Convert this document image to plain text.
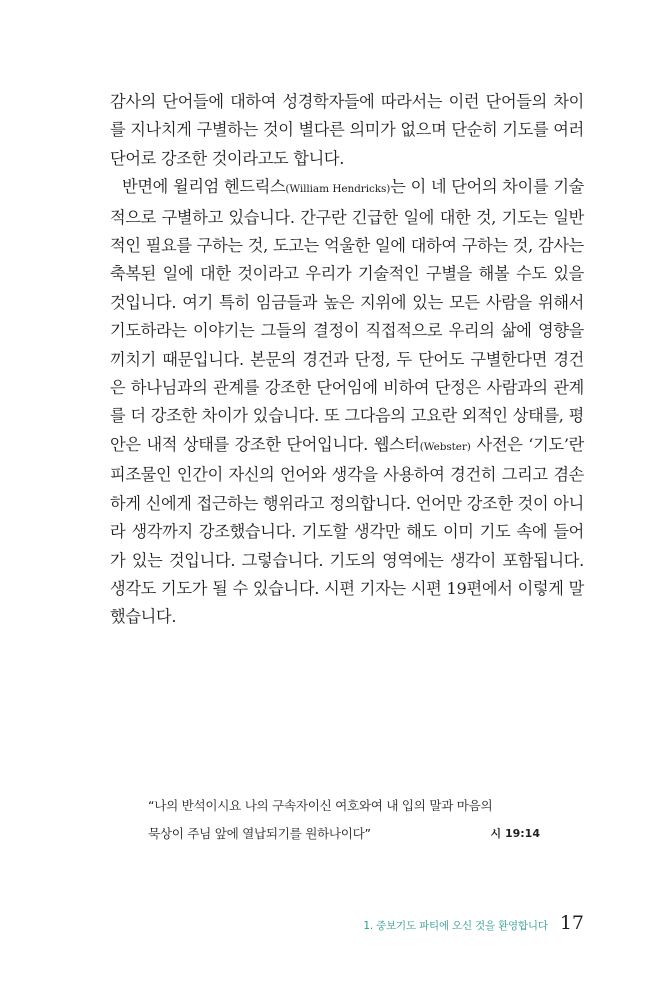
감사의 단어들에 대하여 성경학자들에 따라서는 이런 단어들의 차이를 지나치게 구별하는 것이 별다른 의미가 없으며 단순히 기도를 여러 단어로 강조한 것이라고도 합니다.

반면에 윌리엄 헨드릭스(William Hendricks)는 이 네 단어의 차이를 기술적으로 구별하고 있습니다. 간구란 긴급한 일에 대한 것, 기도는 일반적인 필요를 구하는 것, 도고는 억울한 일에 대하여 구하는 것, 감사는 축복된 일에 대한 것이라고 우리가 기술적인 구별을 해볼 수도 있을 것입니다. 여기 특히 임금들과 높은 지위에 있는 모든 사람을 위해서 기도하라는 이야기는 그들의 결정이 직접적으로 우리의 삶에 영향을 끼치기 때문입니다. 본문의 경건과 단정, 두 단어도 구별한다면 경건은 하나님과의 관계를 강조한 단어임에 비하여 단정은 사람과의 관계를 더 강조한 차이가 있습니다. 또 그다음의 고요란 외적인 상태를, 평안은 내적 상태를 강조한 단어입니다. 웹스터(Webster) 사전은 ‘기도’란 피조물인 인간이 자신의 언어와 생각을 사용하여 경건히 그리고 겸손하게 신에게 접근하는 행위라고 정의합니다. 언어만 강조한 것이 아니라 생각까지 강조했습니다. 기도할 생각만 해도 이미 기도 속에 들어가 있는 것입니다. 그렇습니다. 기도의 영역에는 생각이 포함됩니다. 생각도 기도가 될 수 있습니다. 시편 기자는 시편 19편에서 이렇게 말했습니다.

“나의 반석이시요 나의 구속자이신 여호와여 내 입의 말과 마음의
묵상이 주님 앞에 열납되기를 원하나이다”	시 19:14
1. 중보기도 파티에 오신 것을 환영합니다 17
